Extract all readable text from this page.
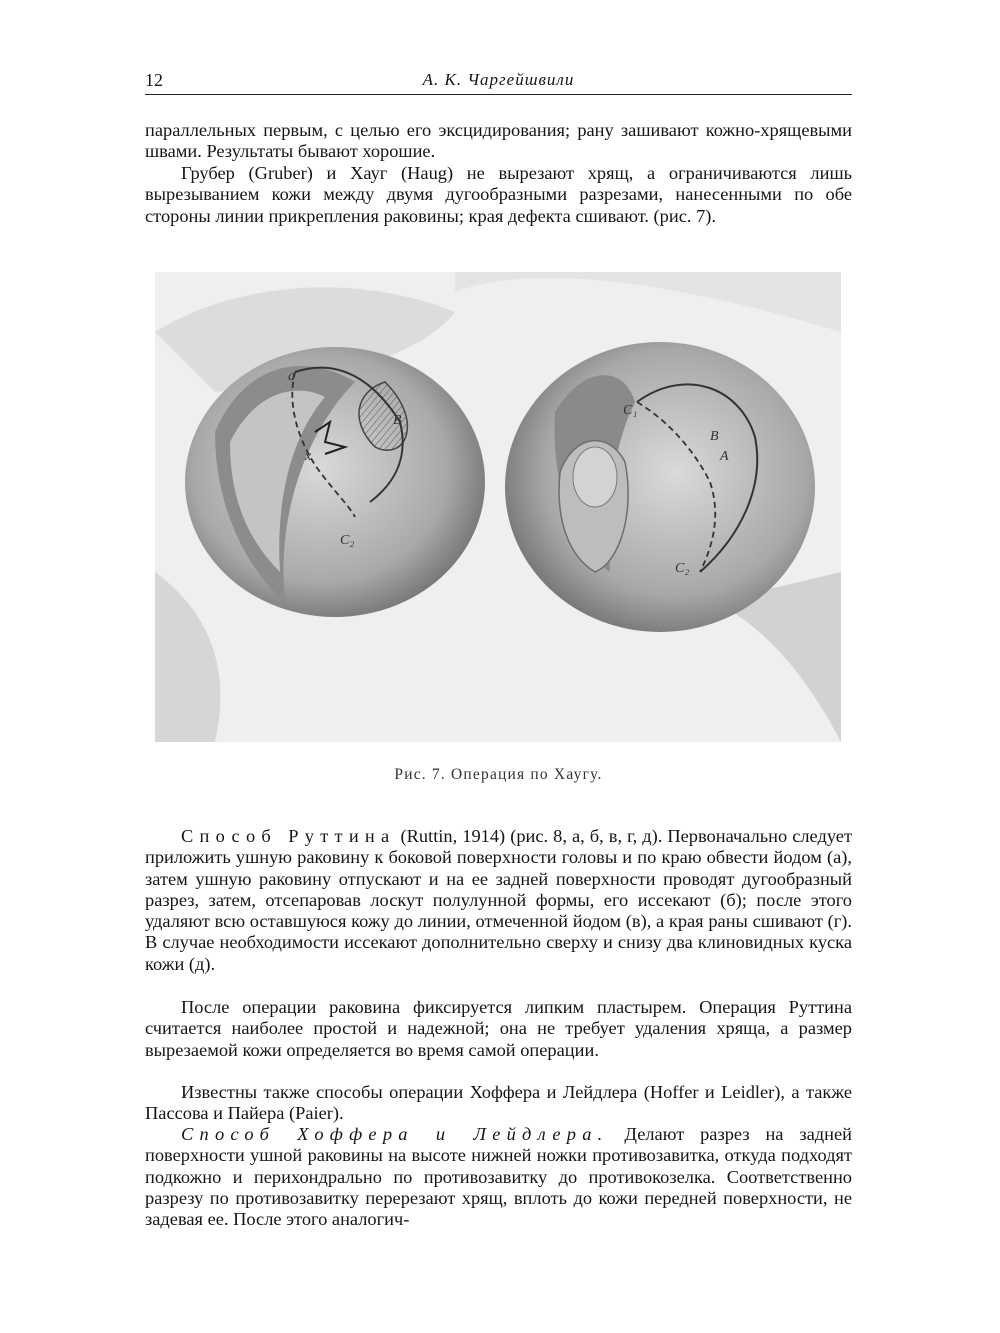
12	А. К. Чаргейшвили

параллельных первым, с целью его эксцидирования; рану зашивают кожно-хрящевыми швами. Результаты бывают хорошие.

Грубер (Gruber) и Хауг (Haug) не вырезают хрящ, а ограничиваются лишь вырезыванием кожи между двумя дугообразными разрезами, нанесенными по обе стороны линии прикрепления раковины; края дефекта сшивают. (рис. 7).

а
x
В
C₂
C₁
A
B
C₂
Рис. 7. Операция по Хаугу.

Способ Руттина (Ruttin, 1914) (рис. 8, а, б, в, г, д). Первоначально следует приложить ушную раковину к боковой поверхности головы и по краю обвести йодом (а), затем ушную раковину отпускают и на ее задней поверхности проводят дугообразный разрез, затем, отсепаровав лоскут полулунной формы, его иссекают (б); после этого удаляют всю оставшуюся кожу до линии, отмеченной йодом (в), а края раны сшивают (г). В случае необходимости иссекают дополнительно сверху и снизу два клиновидных куска кожи (д).

После операции раковина фиксируется липким пластырем. Операция Руттина считается наиболее простой и надежной; она не требует удаления хряща, а размер вырезаемой кожи определяется во время самой операции.

Известны также способы операции Хоффера и Лейдлера (Hoffer и Leidler), а также Пассова и Пайера (Paier).

Способ Хоффера и Лейдлера. Делают разрез на задней поверхности ушной раковины на высоте нижней ножки противозавитка, откуда подходят подкожно и перихондрально по противозавитку до противокозелка. Соответственно разрезу по противозавитку перерезают хрящ, вплоть до кожи передней поверхности, не задевая ее. После этого аналогич-
